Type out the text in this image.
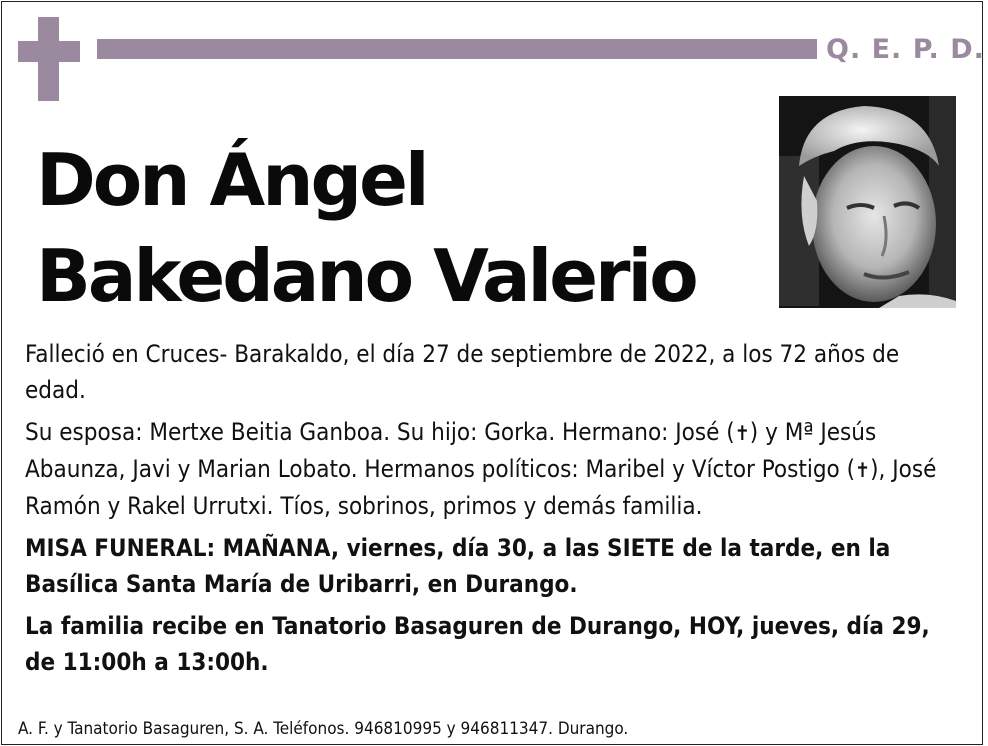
Q. E. P. D.
Don Ángel
Bakedano Valerio

Falleció en Cruces- Barakaldo, el día 27 de septiembre de 2022, a los 72 años de edad.

Su esposa: Mertxe Beitia Ganboa. Su hijo: Gorka. Hermano: José (✝) y Mª Jesús Abaunza, Javi y Marian Lobato. Hermanos políticos: Maribel y Víctor Postigo (✝), José Ramón y Rakel Urrutxi. Tíos, sobrinos, primos y demás familia.

MISA FUNERAL: MAÑANA, viernes, día 30, a las SIETE de la tarde, en la Basílica Santa María de Uribarri, en Durango.

La familia recibe en Tanatorio Basaguren de Durango, HOY, jueves, día 29, de 11:00h a 13:00h.

A. F. y Tanatorio Basaguren, S. A. Teléfonos. 946810995 y 946811347. Durango.
